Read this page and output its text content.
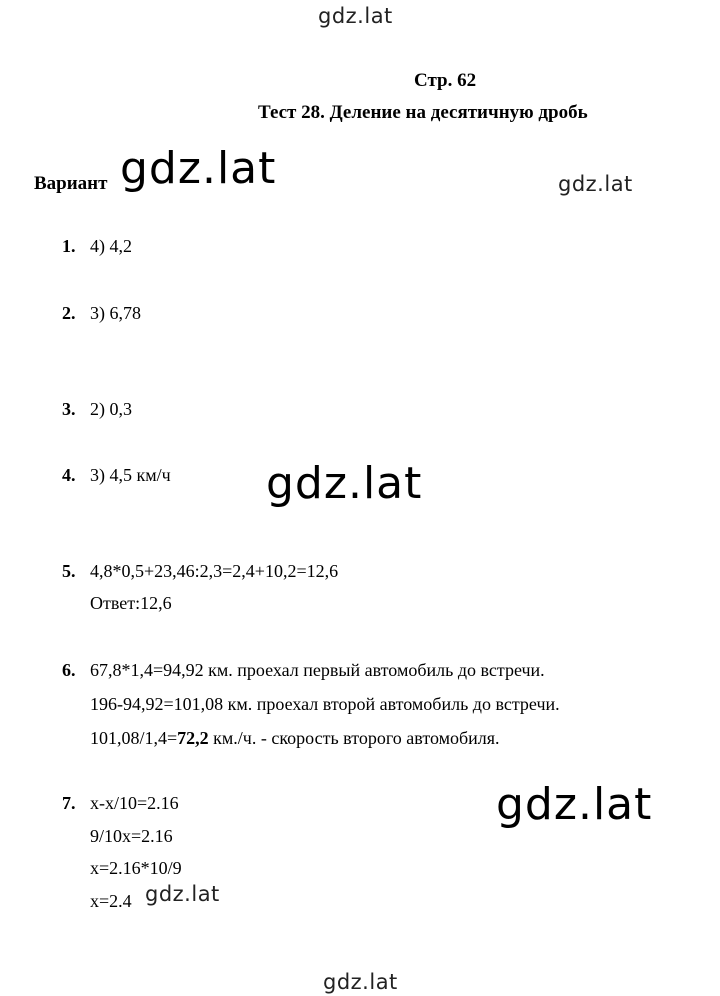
gdz.lat
gdz.lat	gdz.lat
gdz.lat
gdz.lat
gdz.lat
gdz.lat
Стр. 62
Тест 28. Деление на десятичную дробь
Вариант
1. 4) 4,2
2. 3) 6,78
3. 2) 0,3
4. 3) 4,5 км/ч
5. 4,8*0,5+23,46:2,3=2,4+10,2=12,6
Ответ:12,6
6. 67,8*1,4=94,92 км. проехал первый автомобиль до встречи.
196-94,92=101,08 км. проехал второй автомобиль до встречи.
101,08/1,4=72,2 км./ч. - скорость второго автомобиля.
7. x-x/10=2.16
9/10x=2.16
x=2.16*10/9
x=2.4
